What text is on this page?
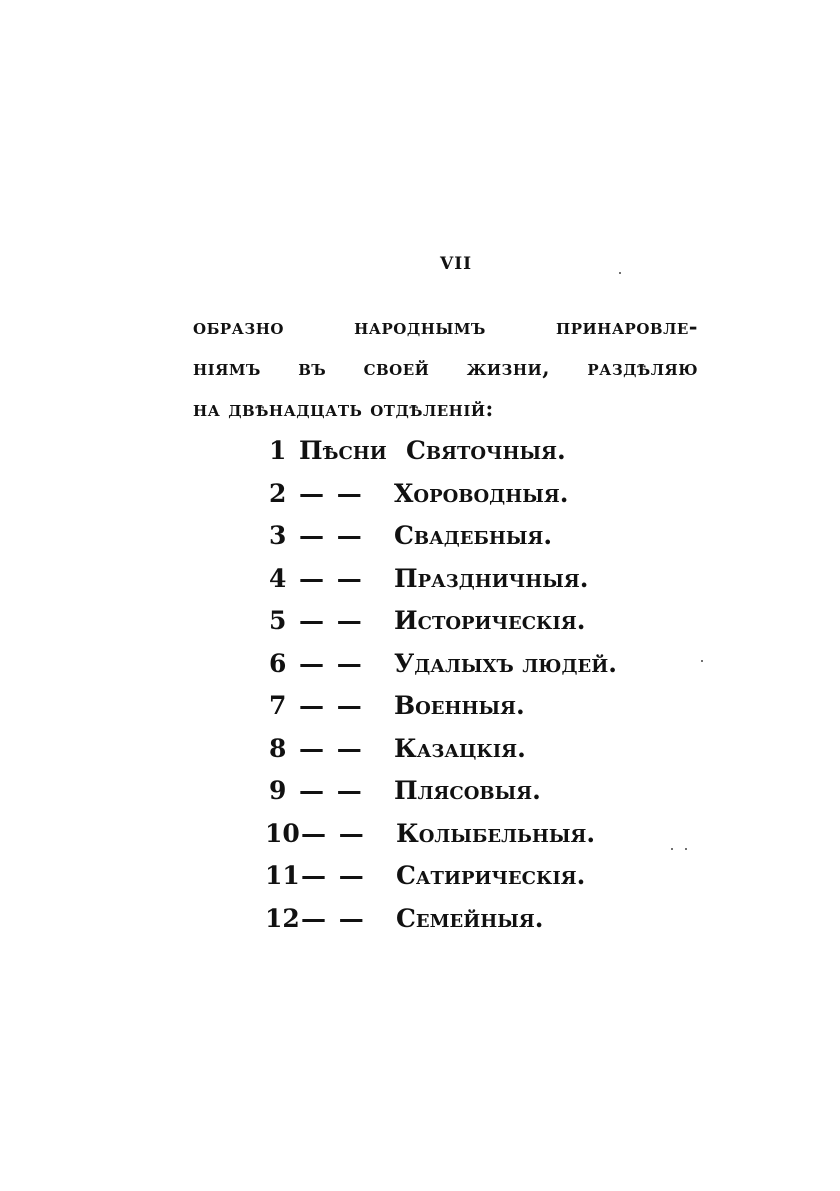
VII
образно	народнымъ	принаровле-
ніямъ въ своей жизни, раздѣляю
на двѣнадцать отдѣленій:
1 Пѣсни Святочныя.
2 — —	Хороводныя.
3 — —	Свадебныя.
4 — —	Праздничныя.
5 — —	Историческія.
6 — —	Удалыхъ людей.
7 — —	Военныя.
8 — —	Казацкія.
9 — —	Плясовыя.
10 — —	Колыбельныя.
11 — —	Сатирическія.
12 — —	Семейныя.
